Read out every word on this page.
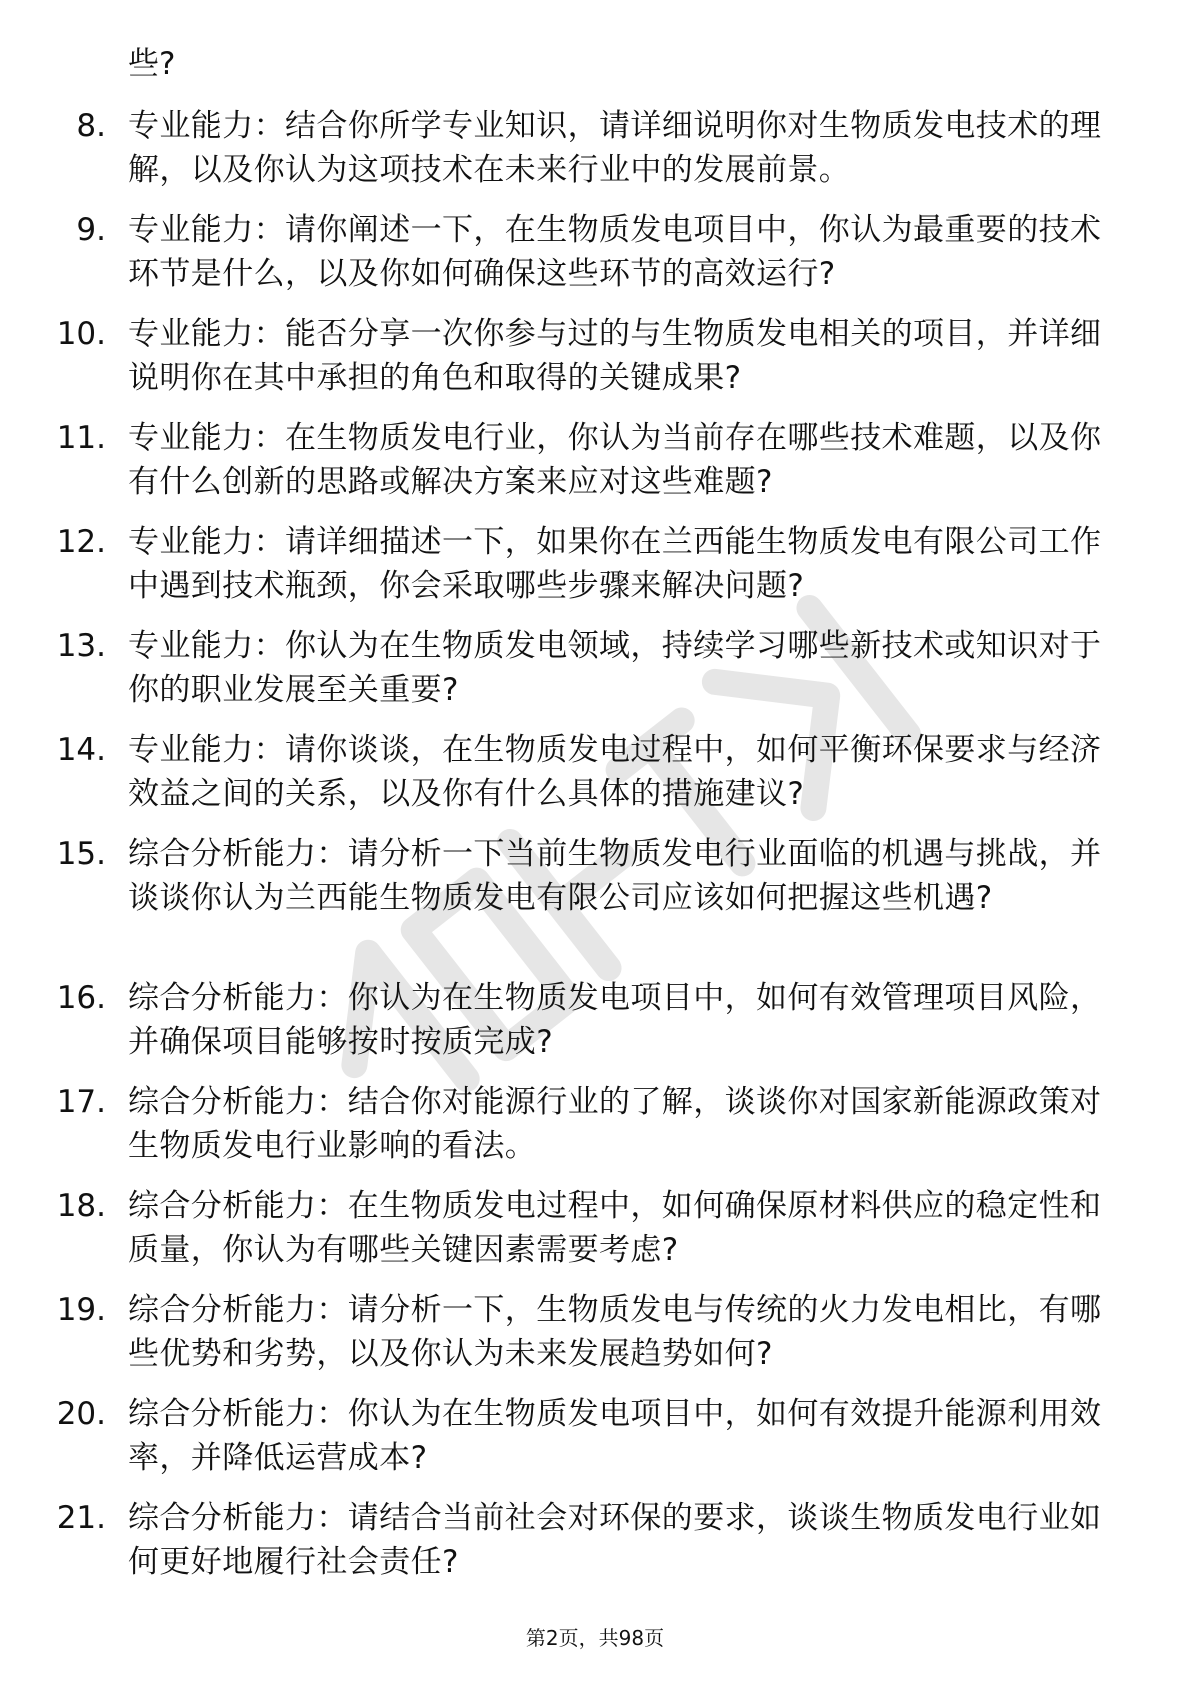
些?
8. 专业能力：结合你所学专业知识，请详细说明你对生物质发电技术的理解，以及你认为这项技术在未来行业中的发展前景。
9. 专业能力：请你阐述一下，在生物质发电项目中，你认为最重要的技术环节是什么，以及你如何确保这些环节的高效运行?
10. 专业能力：能否分享一次你参与过的与生物质发电相关的项目，并详细说明你在其中承担的角色和取得的关键成果?
11. 专业能力：在生物质发电行业，你认为当前存在哪些技术难题，以及你有什么创新的思路或解决方案来应对这些难题?
12. 专业能力：请详细描述一下，如果你在兰西能生物质发电有限公司工作中遇到技术瓶颈，你会采取哪些步骤来解决问题?
13. 专业能力：你认为在生物质发电领域，持续学习哪些新技术或知识对于你的职业发展至关重要?
14. 专业能力：请你谈谈，在生物质发电过程中，如何平衡环保要求与经济效益之间的关系，以及你有什么具体的措施建议?
15. 综合分析能力：请分析一下当前生物质发电行业面临的机遇与挑战，并谈谈你认为兰西能生物质发电有限公司应该如何把握这些机遇?
16. 综合分析能力：你认为在生物质发电项目中，如何有效管理项目风险，并确保项目能够按时按质完成?
17. 综合分析能力：结合你对能源行业的了解，谈谈你对国家新能源政策对生物质发电行业影响的看法。
18. 综合分析能力：在生物质发电过程中，如何确保原材料供应的稳定性和质量，你认为有哪些关键因素需要考虑?
19. 综合分析能力：请分析一下，生物质发电与传统的火力发电相比，有哪些优势和劣势，以及你认为未来发展趋势如何?
20. 综合分析能力：你认为在生物质发电项目中，如何有效提升能源利用效率，并降低运营成本?
21. 综合分析能力：请结合当前社会对环保的要求，谈谈生物质发电行业如何更好地履行社会责任?
第2页，共98页
